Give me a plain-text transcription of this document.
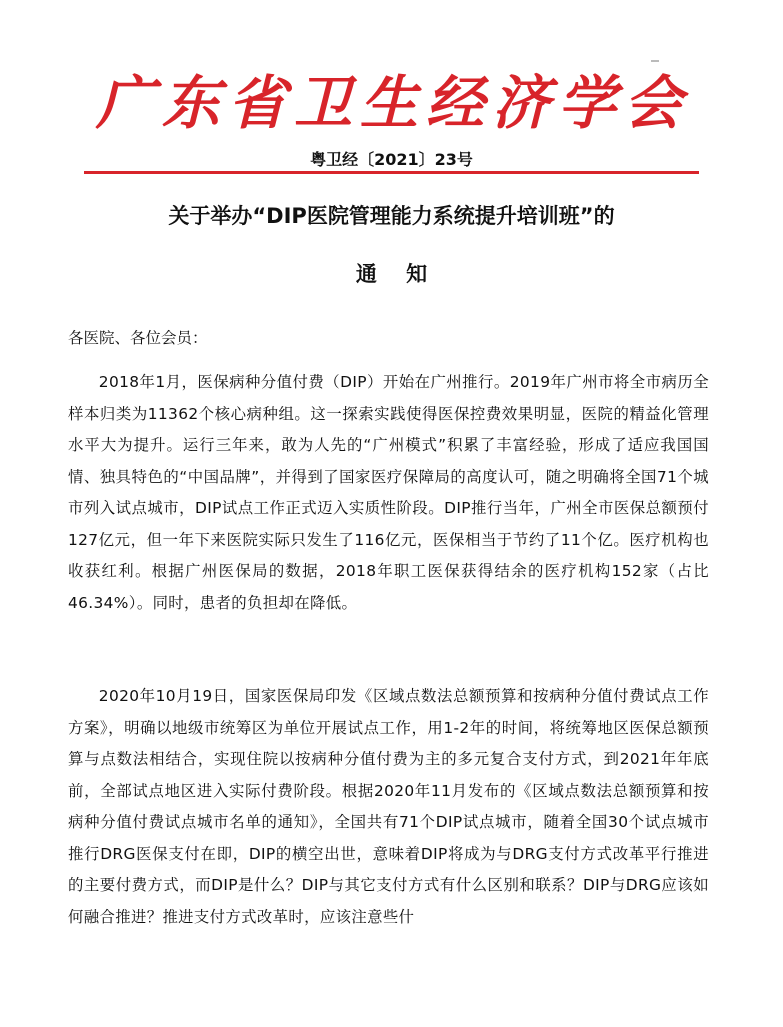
广东省卫生经济学会
粤卫经〔2021〕23号
关于举办“DIP医院管理能力系统提升培训班”的
通    知
各医院、各位会员：
2018年1月，医保病种分值付费（DIP）开始在广州推行。2019年广州市将全市病历全样本归类为11362个核心病种组。这一探索实践使得医保控费效果明显，医院的精益化管理水平大为提升。运行三年来，敢为人先的“广州模式”积累了丰富经验，形成了适应我国国情、独具特色的“中国品牌”，并得到了国家医疗保障局的高度认可，随之明确将全国71个城市列入试点城市，DIP试点工作正式迈入实质性阶段。DIP推行当年，广州全市医保总额预付127亿元，但一年下来医院实际只发生了116亿元，医保相当于节约了11个亿。医疗机构也收获红利。根据广州医保局的数据，2018年职工医保获得结余的医疗机构152家（占比46.34%）。同时，患者的负担却在降低。
2020年10月19日，国家医保局印发《区域点数法总额预算和按病种分值付费试点工作方案》，明确以地级市统筹区为单位开展试点工作，用1-2年的时间，将统筹地区医保总额预算与点数法相结合，实现住院以按病种分值付费为主的多元复合支付方式，到2021年年底前，全部试点地区进入实际付费阶段。根据2020年11月发布的《区域点数法总额预算和按病种分值付费试点城市名单的通知》，全国共有71个DIP试点城市，随着全国30个试点城市推行DRG医保支付在即，DIP的横空出世，意味着DIP将成为与DRG支付方式改革平行推进的主要付费方式，而DIP是什么？DIP与其它支付方式有什么区别和联系？DIP与DRG应该如何融合推进？推进支付方式改革时，应该注意些什
